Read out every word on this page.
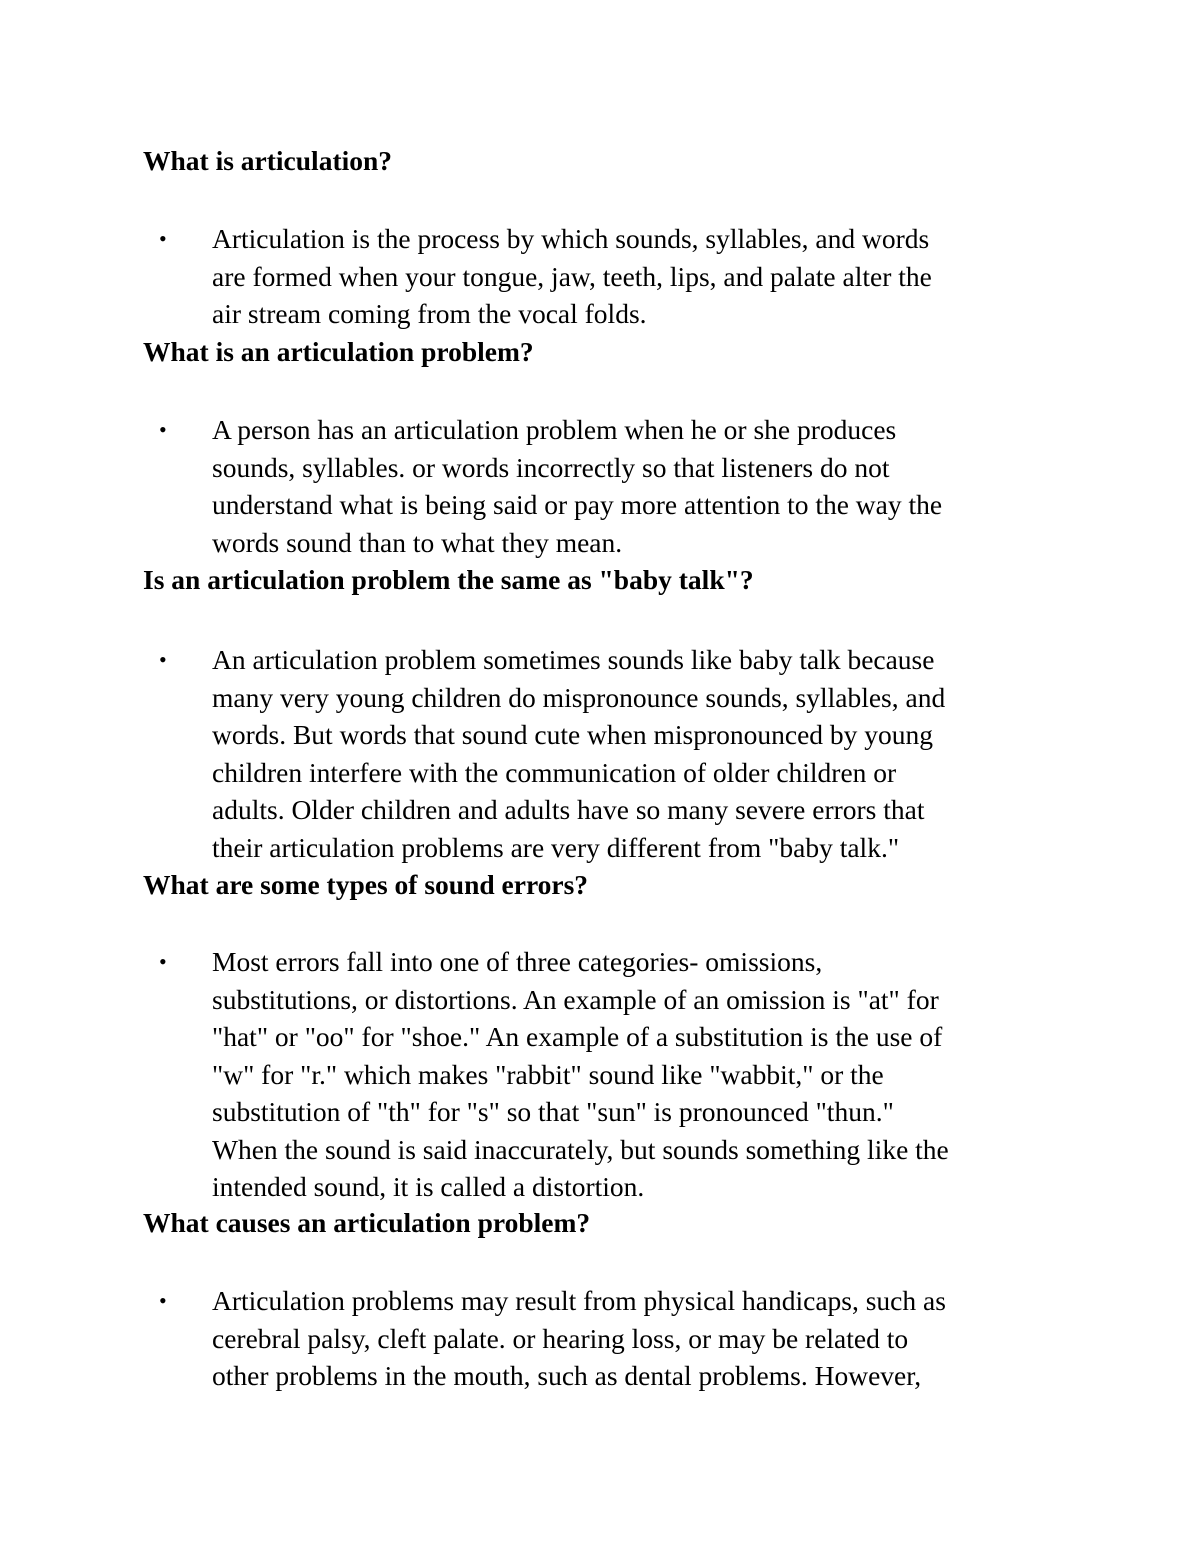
What is articulation?
• Articulation is the process by which sounds, syllables, and words
are formed when your tongue, jaw, teeth, lips, and palate alter the
air stream coming from the vocal folds.
What is an articulation problem?
• A person has an articulation problem when he or she produces
sounds, syllables. or words incorrectly so that listeners do not
understand what is being said or pay more attention to the way the
words sound than to what they mean.
Is an articulation problem the same as "baby talk"?
• An articulation problem sometimes sounds like baby talk because
many very young children do mispronounce sounds, syllables, and
words. But words that sound cute when mispronounced by young
children interfere with the communication of older children or
adults. Older children and adults have so many severe errors that
their articulation problems are very different from "baby talk."
What are some types of sound errors?
• Most errors fall into one of three categories- omissions,
substitutions, or distortions. An example of an omission is "at" for
"hat" or "oo" for "shoe." An example of a substitution is the use of
"w" for "r." which makes "rabbit" sound like "wabbit," or the
substitution of "th" for "s" so that "sun" is pronounced "thun."
When the sound is said inaccurately, but sounds something like the
intended sound, it is called a distortion.
What causes an articulation problem?
• Articulation problems may result from physical handicaps, such as
cerebral palsy, cleft palate. or hearing loss, or may be related to
other problems in the mouth, such as dental problems. However,
